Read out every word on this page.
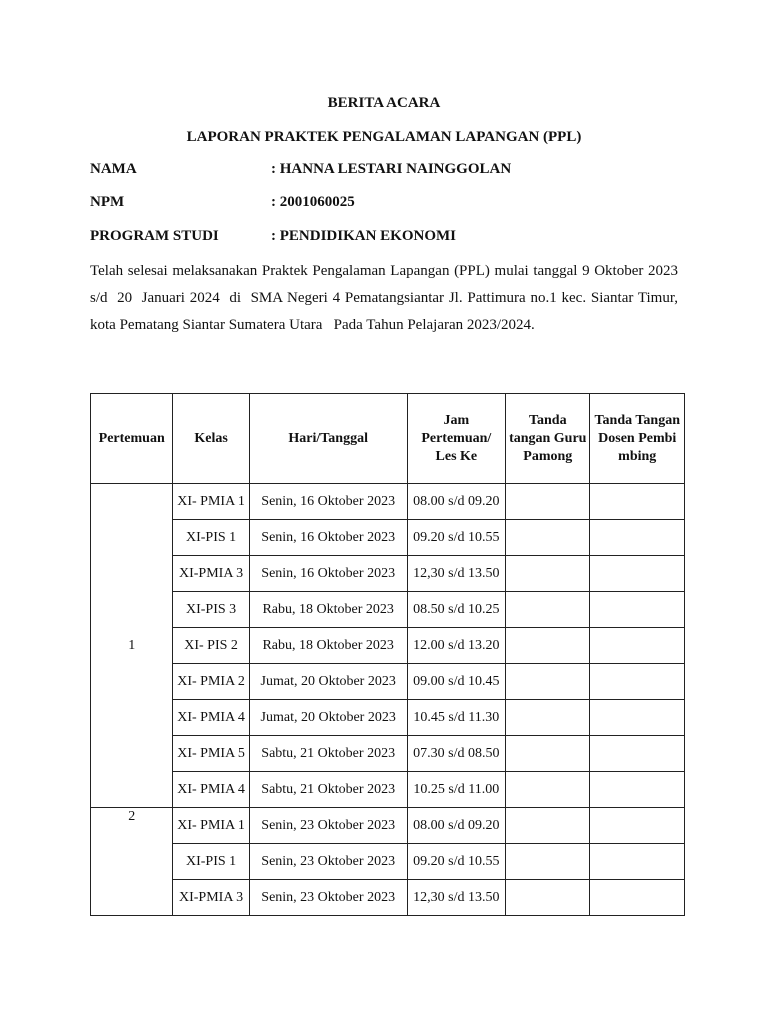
BERITA ACARA
LAPORAN PRAKTEK PENGALAMAN LAPANGAN (PPL)
NAMA	: HANNA LESTARI NAINGGOLAN
NPM	: 2001060025
PROGRAM STUDI	: PENDIDIKAN EKONOMI
Telah selesai melaksanakan Praktek Pengalaman Lapangan (PPL) mulai tanggal 9 Oktober 2023
s/d  20  Januari 2024  di  SMA Negeri 4 Pematangsiantar Jl. Pattimura no.1 kec. Siantar Timur,
kota Pematang Siantar Sumatera Utara   Pada Tahun Pelajaran 2023/2024.
Pertemuan	Kelas	Hari/Tanggal	Jam Pertemuan/ Les Ke	Tanda tangan Guru Pamong	Tanda Tangan Dosen Pembimbing
1	XI- PMIA 1	Senin, 16 Oktober 2023	08.00 s/d 09.20		
	XI-PIS 1	Senin, 16 Oktober 2023	09.20 s/d 10.55		
	XI-PMIA 3	Senin, 16 Oktober 2023	12,30 s/d 13.50		
	XI-PIS 3	Rabu, 18 Oktober 2023	08.50 s/d 10.25		
	XI- PIS 2	Rabu, 18 Oktober 2023	12.00 s/d 13.20		
	XI- PMIA 2	Jumat, 20 Oktober 2023	09.00 s/d 10.45		
	XI- PMIA 4	Jumat, 20 Oktober 2023	10.45 s/d 11.30		
	XI- PMIA 5	Sabtu, 21 Oktober 2023	07.30 s/d 08.50		
	XI- PMIA 4	Sabtu, 21 Oktober 2023	10.25 s/d 11.00		
2	XI- PMIA 1	Senin, 23 Oktober 2023	08.00 s/d 09.20		
	XI-PIS 1	Senin, 23 Oktober 2023	09.20 s/d 10.55		
	XI-PMIA 3	Senin, 23 Oktober 2023	12,30 s/d 13.50		
